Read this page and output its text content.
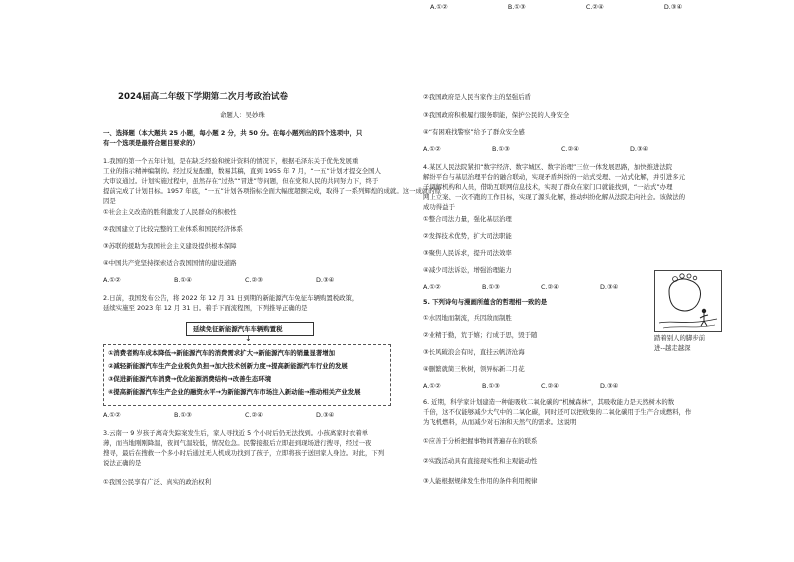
A.①②	B.①③	C.②④	D.③④
2024届高二年级下学期第二次月考政治试卷
命题人：吴妙珠
一、选择题（本大题共 25 小题，每小题 2 分，共 50 分。在每小题列出的四个选项中，只
有一个选项是最符合题目要求的）
1.我国的第一个五年计划，是在缺乏经验和统计资料的情况下，根据毛泽东关于优先发展重
工业的指示精神编制的。经过反复酝酿，数易其稿，直到 1955 年 7 月，“一五”计划才提交全国人
大审议通过。计划实施过程中，虽然存在“过热”“冒进”等问题，但在党和人民的共同努力下，终于
提前完成了计划目标。1957 年底，“一五”计划各项指标全面大幅度超额完成，取得了一系列辉煌的成就。这一成就的原
因是
①社会主义改造的胜利激发了人民群众的积极性
②我国建立了比较完整的工业体系和国民经济体系
③苏联的援助为我国社会主义建设提供根本保障
④中国共产党坚持探索适合我国国情的建设道路
A.①②	B.①④	C.②③	D.③④
2.日前，我国发布公告，将 2022 年 12 月 31 日到期的新能源汽车免征车辆购置税政策，
延续实施至 2023 年 12 月 31 日。着手下面流程图，下列推导正确的是
延续免征新能源汽车车辆购置税
↓
①消费者购车成本降低→新能源汽车的消费需求扩大→新能源汽车的销量显著增加
②减轻新能源汽车生产企业税负负担→加大技术创新力度→提高新能源汽车行业的发展
③促进新能源汽车消费→优化能源消费结构→改善生态环境
④提高新能源汽车生产企业的融资水平→为新能源汽车市场注入新动能→推动相关产业发展
A.①②	B.①③	C.②④	D.③④
3.云南一 9 岁孩子离奇失踪案发生后，家人寻找近 5 个小时后仍无法找到。小孩离家时衣着单
薄，而当地刚刚降温，夜间气温较低，情况危急。民警接报后立即赶到现场进行搜寻，经过一夜
搜寻，最后在搜救一个多小时后通过无人机成功找到了孩子，立即将孩子送回家人身边。对此，下列
说法正确的是
①我国公民享有广泛、真实的政治权利
②我国政府是人民当家作主的坚强后盾
③我国政府积极履行服务职能，保护公民的人身安全
④“有困难找警察”给予了群众安全感
A.①②	B.①③	C.②④	D.③④
4.某区人民法院紧扣“数字经济、数字城区、数字治理”三位一体发展思路，加快推进法院
解纷平台与基层治理平台的融合联动，实现矛盾纠纷的一站式受理、一站式化解，并引进多元
子调解机构和人员，借助互联网信息技术，实现了群众在家门口就能找到，“一站式”办理
网上立案、一次不跑的工作目标，实现了源头化解，推动纠纷化解从法院走向社会。该做法的
成功得益于
①整合司法力量，强化基层治理
②发挥技术优势，扩大司法职能
③聚焦人民诉求，提升司法效率
④减少司法诉讼，增强治理能力
A.①②	B.①③	C.②④	D.③④
5. 下列诗句与漫画所蕴含的哲理相一致的是
①水因地而制流，兵因敌而制胜
②业精于勤，荒于嬉；行成于思，毁于随
③长风破浪会有时，直挂云帆济沧海
④删繁就简三秋树，领异标新二月花
A.①②	B.①③	C.②④	D.③④
踏着别人的脚步前
进--越走越深
6. 近期，科学家计划建造一种能吸收二氧化碳的“机械森林”，其吸收能力是天然树木的数
千倍，这不仅能够减少大气中的二氧化碳，同时还可以把收集的二氧化碳用于生产合成燃料，作
为飞机燃料，从而减少对石油和天然气的需求。这说明
①应善于分析把握事物间普遍存在的联系
②实践活动具有直接现实性和主观能动性
③人能根据规律发生作用的条件利用规律
